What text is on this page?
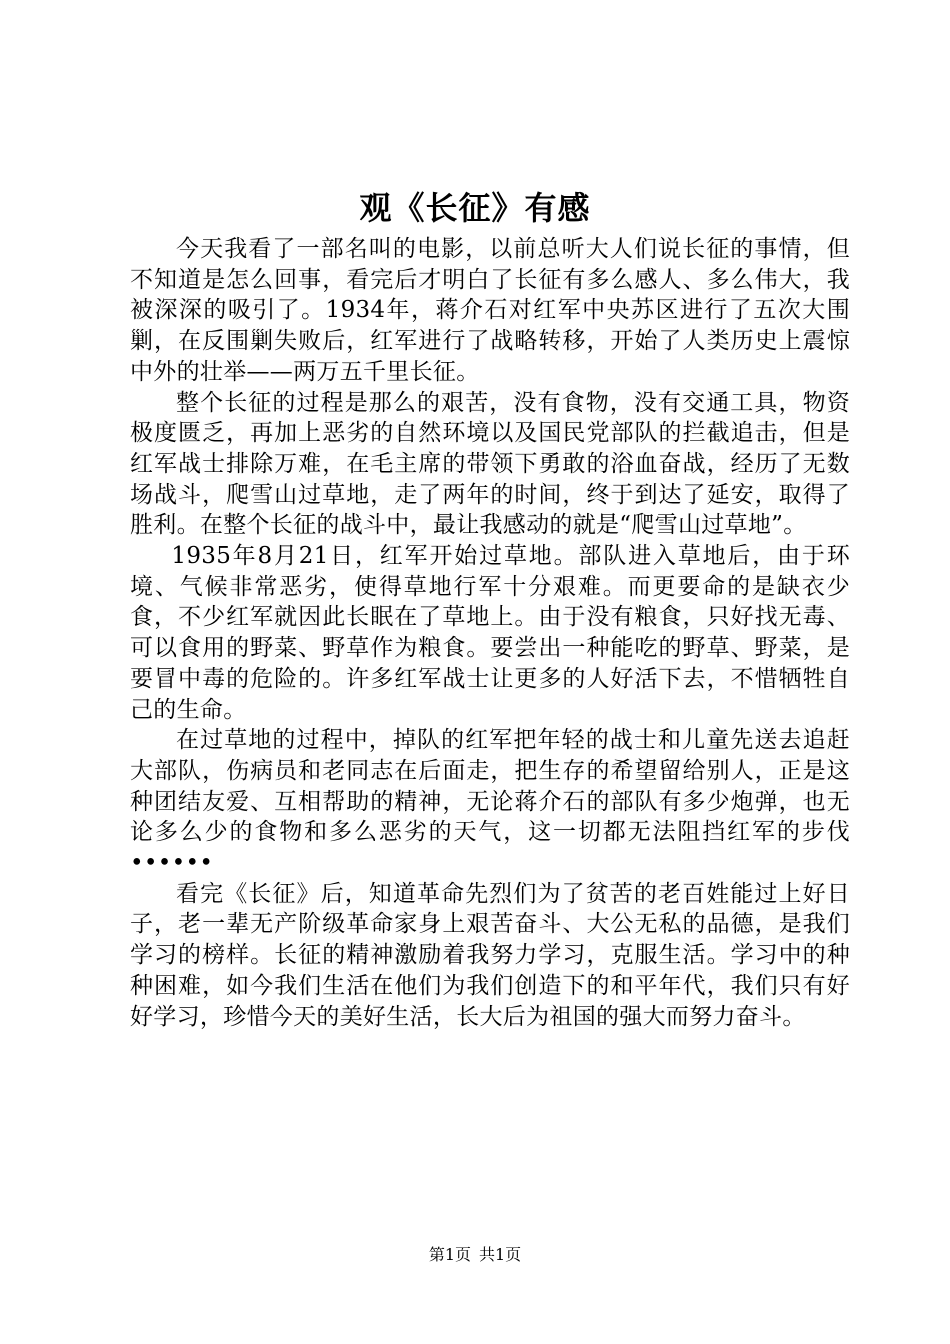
观《长征》有感

今天我看了一部名叫的电影，以前总听大人们说长征的事情，但不知道是怎么回事，看完后才明白了长征有多么感人、多么伟大，我被深深的吸引了。1934年，蒋介石对红军中央苏区进行了五次大围剿，在反围剿失败后，红军进行了战略转移，开始了人类历史上震惊中外的壮举——两万五千里长征。

整个长征的过程是那么的艰苦，没有食物，没有交通工具，物资极度匮乏，再加上恶劣的自然环境以及国民党部队的拦截追击，但是红军战士排除万难，在毛主席的带领下勇敢的浴血奋战，经历了无数场战斗，爬雪山过草地，走了两年的时间，终于到达了延安，取得了胜利。在整个长征的战斗中，最让我感动的就是“爬雪山过草地”。

1935年8月21日，红军开始过草地。部队进入草地后，由于环境、气候非常恶劣，使得草地行军十分艰难。而更要命的是缺衣少食，不少红军就因此长眠在了草地上。由于没有粮食，只好找无毒、可以食用的野菜、野草作为粮食。要尝出一种能吃的野草、野菜，是要冒中毒的危险的。许多红军战士让更多的人好活下去，不惜牺牲自己的生命。

在过草地的过程中，掉队的红军把年轻的战士和儿童先送去追赶大部队，伤病员和老同志在后面走，把生存的希望留给别人，正是这种团结友爱、互相帮助的精神，无论蒋介石的部队有多少炮弹，也无论多么少的食物和多么恶劣的天气，这一切都无法阻挡红军的步伐••••••

看完《长征》后，知道革命先烈们为了贫苦的老百姓能过上好日子，老一辈无产阶级革命家身上艰苦奋斗、大公无私的品德，是我们学习的榜样。长征的精神激励着我努力学习，克服生活。学习中的种种困难，如今我们生活在他们为我们创造下的和平年代，我们只有好好学习，珍惜今天的美好生活，长大后为祖国的强大而努力奋斗。

第1页 共1页
